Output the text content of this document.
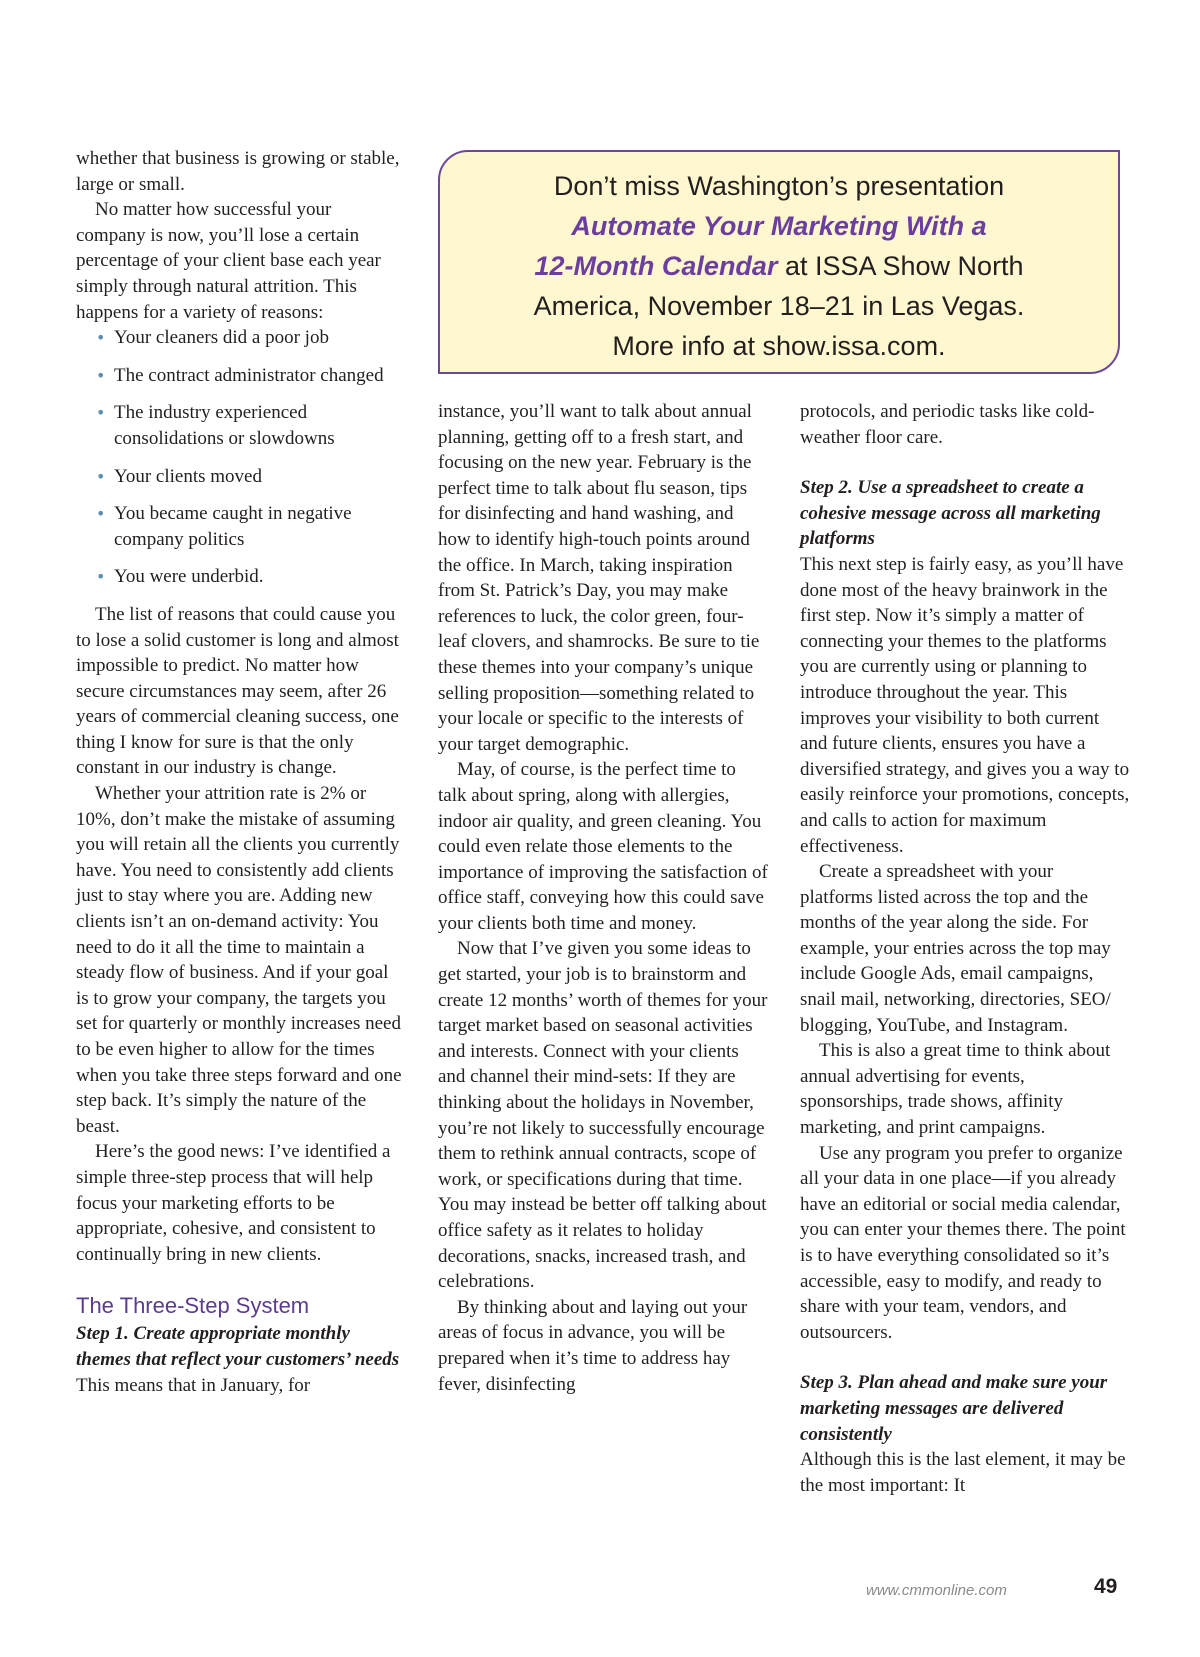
Don’t miss Washington’s presentation
Automate Your Marketing With a
12-Month Calendar at ISSA Show North
America, November 18–21 in Las Vegas.
More info at show.issa.com.

whether that business is growing or stable, large or small.

No matter how successful your company is now, you’ll lose a certain percentage of your client base each year simply through natural attrition. This happens for a variety of reasons:

• Your cleaners did a poor job
• The contract administrator changed
• The industry experienced consolidations or slowdowns
• Your clients moved
• You became caught in negative company politics
• You were underbid.

The list of reasons that could cause you to lose a solid customer is long and almost impossible to predict. No matter how secure circumstances may seem, after 26 years of commercial cleaning success, one thing I know for sure is that the only constant in our industry is change.

Whether your attrition rate is 2% or 10%, don’t make the mistake of assuming you will retain all the clients you currently have. You need to consistently add clients just to stay where you are. Adding new clients isn’t an on-demand activity: You need to do it all the time to maintain a steady flow of business. And if your goal is to grow your company, the targets you set for quarterly or monthly increases need to be even higher to allow for the times when you take three steps forward and one step back. It’s simply the nature of the beast.

Here’s the good news: I’ve identified a simple three-step process that will help focus your marketing efforts to be appropriate, cohesive, and consistent to continually bring in new clients.

The Three-Step System

Step 1. Create appropriate monthly themes that reflect your customers’ needs

This means that in January, for

instance, you’ll want to talk about annual planning, getting off to a fresh start, and focusing on the new year. February is the perfect time to talk about flu season, tips for disinfecting and hand washing, and how to identify high-touch points around the office. In March, taking inspiration from St. Patrick’s Day, you may make references to luck, the color green, four-leaf clovers, and shamrocks. Be sure to tie these themes into your company’s unique selling proposition—something related to your locale or specific to the interests of your target demographic.

May, of course, is the perfect time to talk about spring, along with allergies, indoor air quality, and green cleaning. You could even relate those elements to the importance of improving the satisfaction of office staff, conveying how this could save your clients both time and money.

Now that I’ve given you some ideas to get started, your job is to brainstorm and create 12 months’ worth of themes for your target market based on seasonal activities and interests. Connect with your clients and channel their mind-sets: If they are thinking about the holidays in November, you’re not likely to successfully encourage them to rethink annual contracts, scope of work, or specifications during that time. You may instead be better off talking about office safety as it relates to holiday decorations, snacks, increased trash, and celebrations.

By thinking about and laying out your areas of focus in advance, you will be prepared when it’s time to address hay fever, disinfecting

protocols, and periodic tasks like cold-weather floor care.

Step 2. Use a spreadsheet to create a cohesive message across all marketing platforms

This next step is fairly easy, as you’ll have done most of the heavy brainwork in the first step. Now it’s simply a matter of connecting your themes to the platforms you are currently using or planning to introduce throughout the year. This improves your visibility to both current and future clients, ensures you have a diversified strategy, and gives you a way to easily reinforce your promotions, concepts, and calls to action for maximum effectiveness.

Create a spreadsheet with your platforms listed across the top and the months of the year along the side. For example, your entries across the top may include Google Ads, email campaigns, snail mail, networking, directories, SEO/ blogging, YouTube, and Instagram.

This is also a great time to think about annual advertising for events, sponsorships, trade shows, affinity marketing, and print campaigns.

Use any program you prefer to organize all your data in one place—if you already have an editorial or social media calendar, you can enter your themes there. The point is to have everything consolidated so it’s accessible, easy to modify, and ready to share with your team, vendors, and outsourcers.

Step 3. Plan ahead and make sure your marketing messages are delivered consistently

Although this is the last element, it may be the most important: It

www.cmmonline.com	49
